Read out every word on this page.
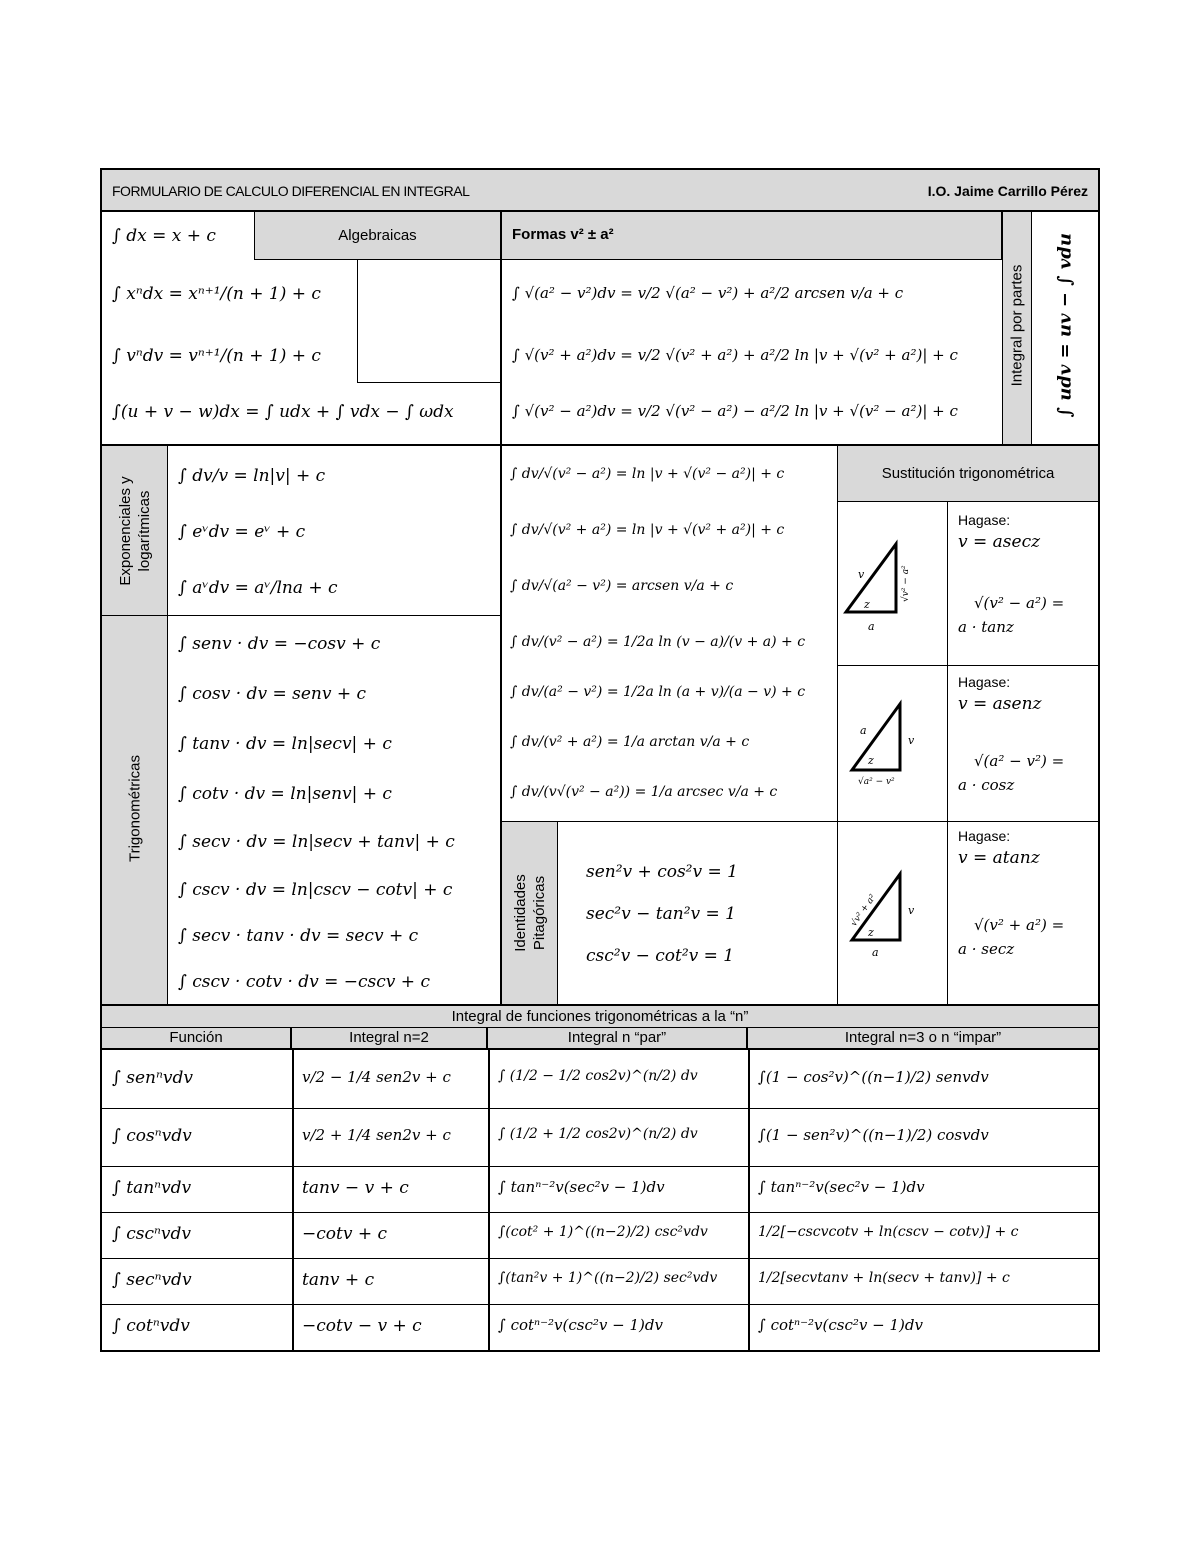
FORMULARIO DE CALCULO DIFERENCIAL EN INTEGRAL	I.O. Jaime Carrillo Pérez
Algebraicas
∫ dx = x + c
∫ xⁿdx = xⁿ⁺¹/(n + 1) + c
∫ vⁿdv = vⁿ⁺¹/(n + 1) + c
∫(u + v − w)dx = ∫ udx + ∫ vdx − ∫ ωdx
Formas v² ± a²
∫ √(a² − v²)dv = v/2 √(a² − v²) + a²/2 arcsen v/a + c
∫ √(v² + a²)dv = v/2 √(v² + a²) + a²/2 ln |v + √(v² + a²)| + c
∫ √(v² − a²)dv = v/2 √(v² − a²) − a²/2 ln |v + √(v² − a²)| + c
Integral por partes ∫ udv = uv − ∫ vdu
Exponenciales y logarítmicas
∫ dv/v = ln|v| + c
∫ eᵛdv = eᵛ + c
∫ aᵛdv = aᵛ/lna + c
Trigonométricas
∫ senv · dv = −cosv + c
∫ cosv · dv = senv + c
∫ tanv · dv = ln|secv| + c
∫ cotv · dv = ln|senv| + c
∫ secv · dv = ln|secv + tanv| + c
∫ cscv · dv = ln|cscv − cotv| + c
∫ secv · tanv · dv = secv + c
∫ cscv · cotv · dv = −cscv + c
∫ dv/√(v² − a²) = ln |v + √(v² − a²)| + c
∫ dv/√(v² + a²) = ln |v + √(v² + a²)| + c
∫ dv/√(a² − v²) = arcsen v/a + c
∫ dv/(v² − a²) = 1/2a ln (v − a)/(v + a) + c
∫ dv/(a² − v²) = 1/2a ln (a + v)/(a − v) + c
∫ dv/(v² + a²) = 1/a arctan v/a + c
∫ dv/(v√(v² − a²)) = 1/a arcsec v/a + c
Identidades Pitagóricas
sen²v + cos²v = 1
sec²v − tan²v = 1
csc²v − cot²v = 1
Sustitución trigonométrica
v
z
a
√v² − a²
Hagase:
v = asecz
√(v² − a²) =
a · tanz
a
z
v
√a² − v²
Hagase:
v = asenz
√(a² − v²) =
a · cosz
√v² + a²
z
v
a
Hagase:
v = atanz
√(v² + a²) =
a · secz
Integral de funciones trigonométricas a la “n”
Función	Integral n=2	Integral n “par”	Integral n=3 o n “impar”
∫ senⁿvdv	v/2 − 1/4 sen2v + c	∫ (1/2 − 1/2 cos2v)^(n/2) dv	∫(1 − cos²v)^((n−1)/2) senvdv
∫ cosⁿvdv	v/2 + 1/4 sen2v + c	∫ (1/2 + 1/2 cos2v)^(n/2) dv	∫(1 − sen²v)^((n−1)/2) cosvdv
∫ tanⁿvdv	tanv − v + c	∫ tanⁿ⁻²v(sec²v − 1)dv	∫ tanⁿ⁻²v(sec²v − 1)dv
∫ cscⁿvdv	−cotv + c	∫(cot² + 1)^((n−2)/2) csc²vdv	1/2[−cscvcotv + ln(cscv − cotv)] + c
∫ secⁿvdv	tanv + c	∫(tan²v + 1)^((n−2)/2) sec²vdv	1/2[secvtanv + ln(secv + tanv)] + c
∫ cotⁿvdv	−cotv − v + c	∫ cotⁿ⁻²v(csc²v − 1)dv	∫ cotⁿ⁻²v(csc²v − 1)dv
